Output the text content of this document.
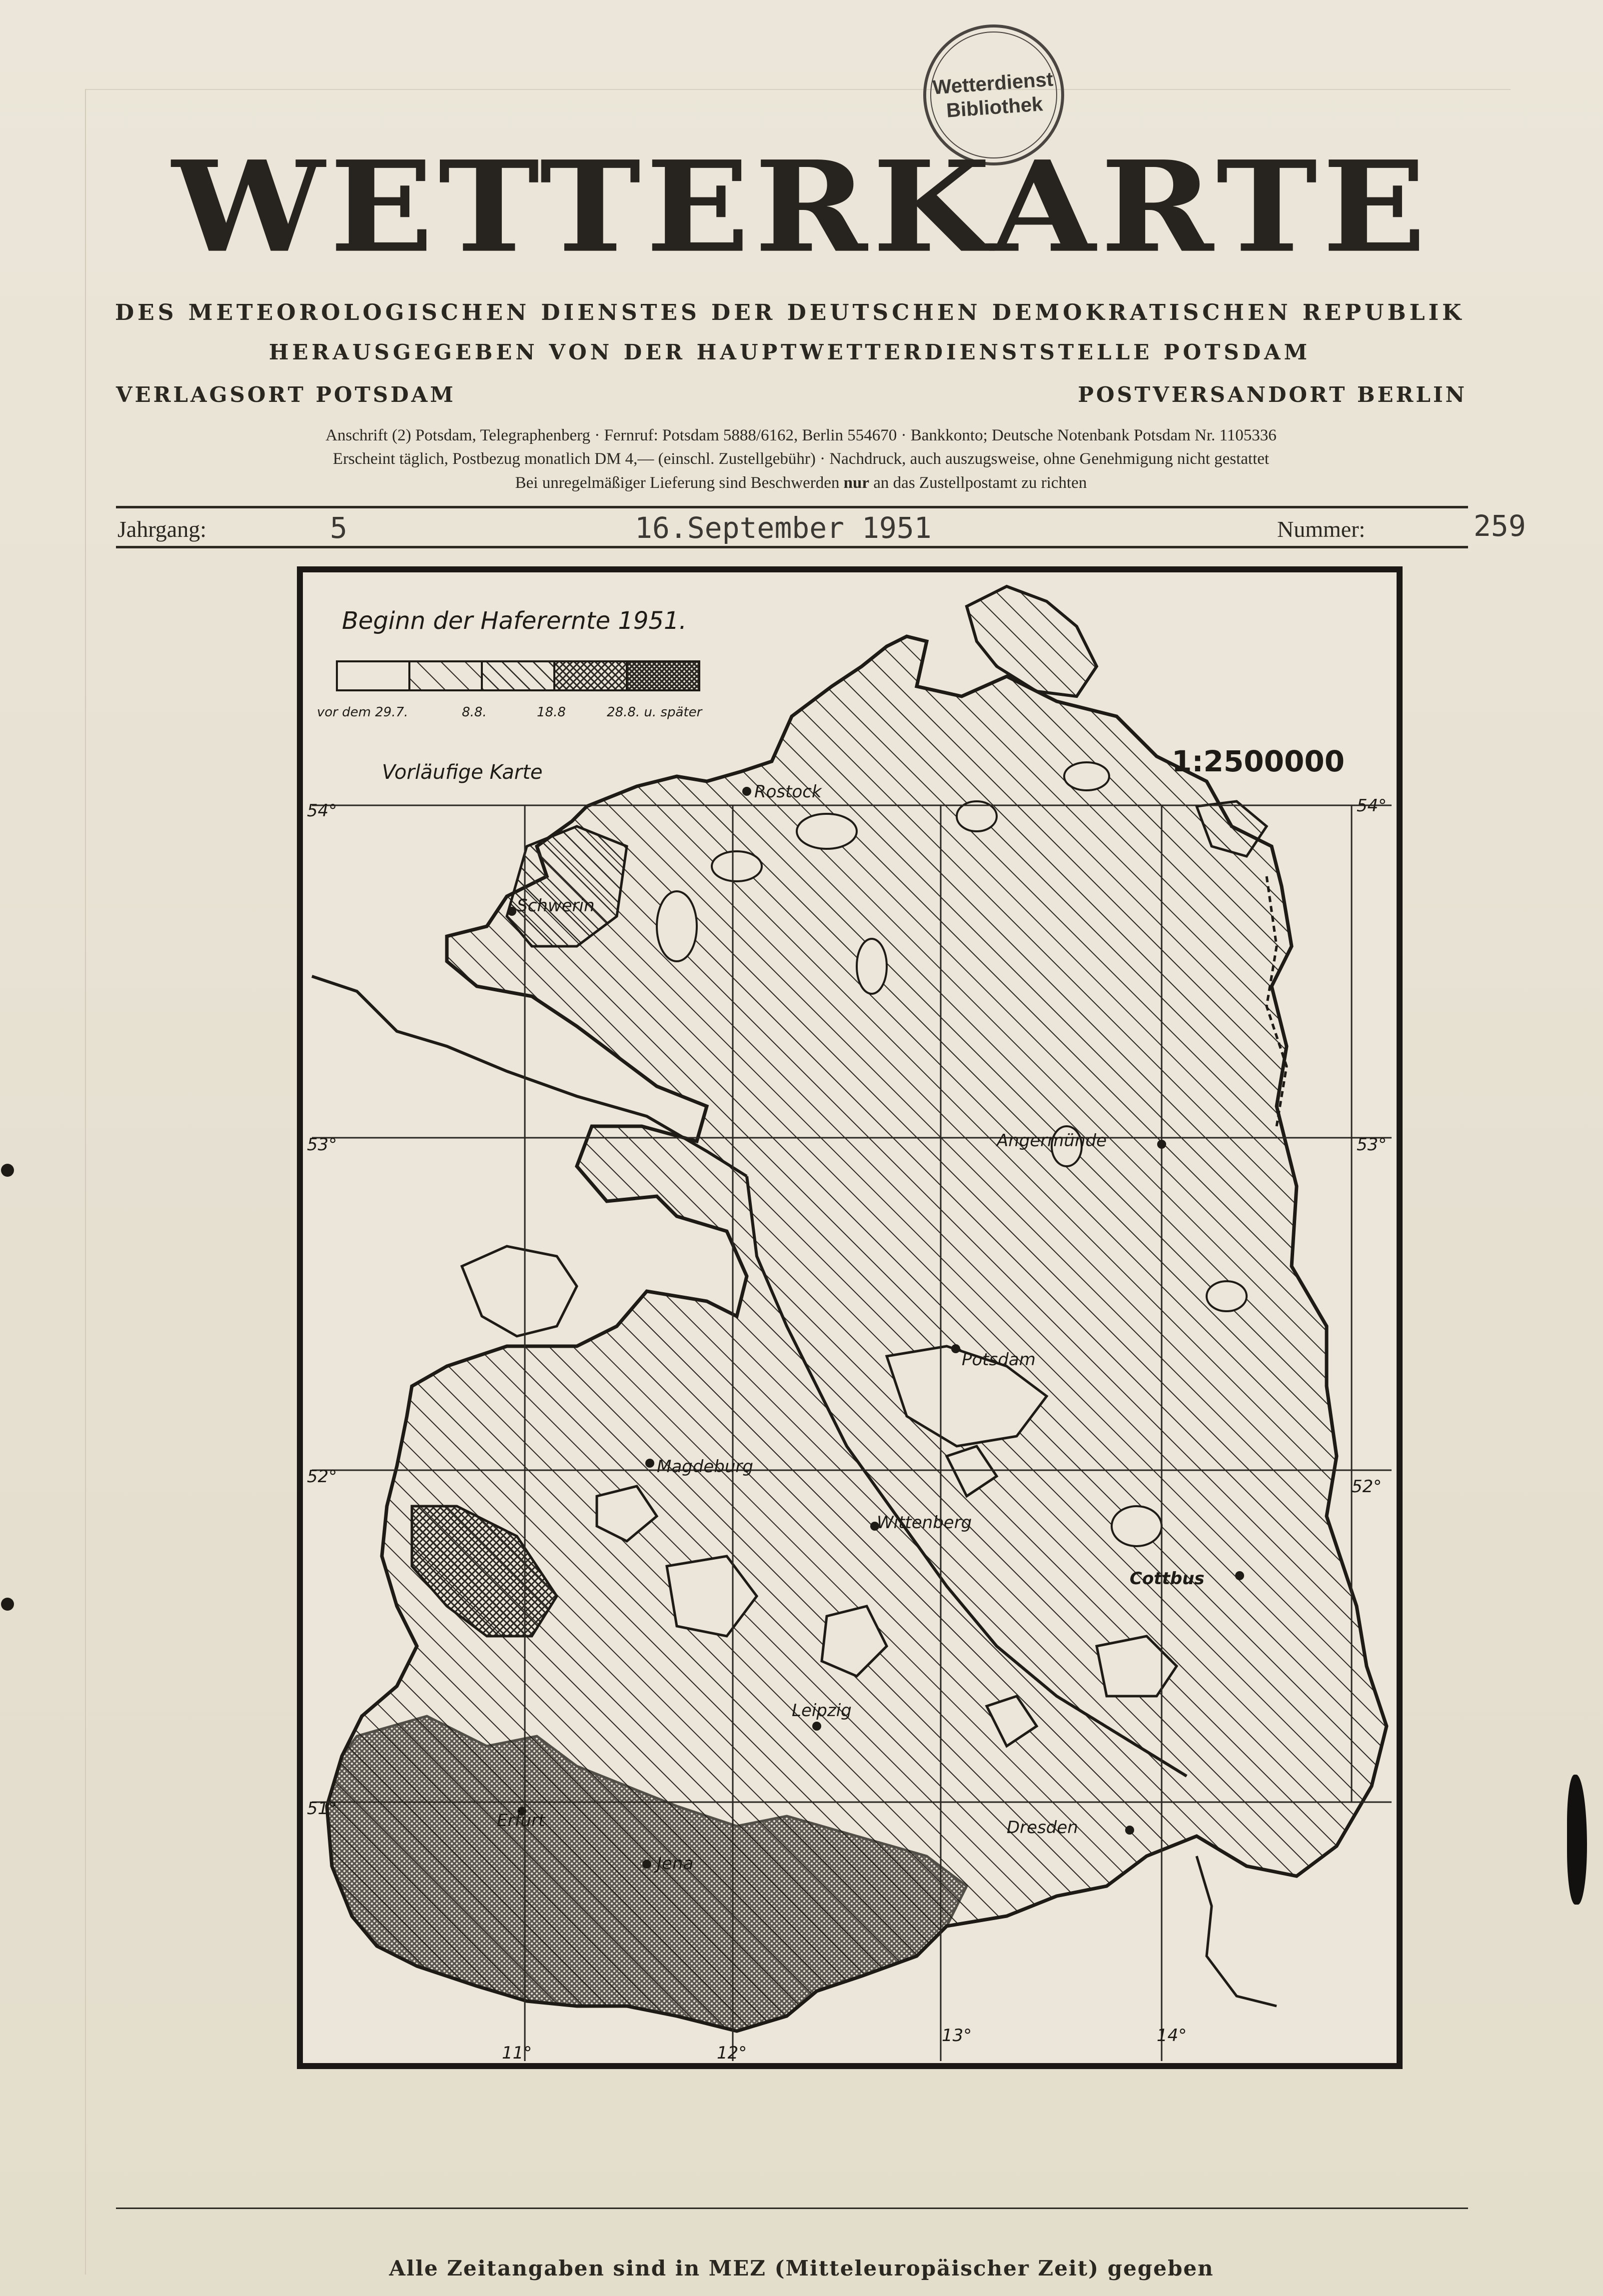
Wetterdienst
Bibliothek
WETTERKARTE
DES METEOROLOGISCHEN DIENSTES DER DEUTSCHEN DEMOKRATISCHEN REPUBLIK
HERAUSGEGEBEN VON DER HAUPTWETTERDIENSTSTELLE POTSDAM
VERLAGSORT POTSDAM	POSTVERSANDORT BERLIN
Anschrift (2) Potsdam, Telegraphenberg · Fernruf: Potsdam 5888/6162, Berlin 554670 · Bankkonto; Deutsche Notenbank Potsdam Nr. 1105336
Erscheint täglich, Postbezug monatlich DM 4,— (einschl. Zustellgebühr) · Nachdruck, auch auszugsweise, ohne Genehmigung nicht gestattet
Bei unregelmäßiger Lieferung sind Beschwerden nur an das Zustellpostamt zu richten
Jahrgang:	5	16.September 1951	Nummer:	259
Beginn der Haferernte 1951.
vor dem 29.7.	8.8.	18.8	28.8. u. später
Vorläufige Karte	1:2500000
54°	54°
53°	53°
52°	52°
51°
11°	12°
13°	14°
Rostock
Schwerin
Angermünde
Potsdam
Magdeburg
Wittenberg
Cottbus
Leipzig
Erfurt
Jena
Dresden
Alle Zeitangaben sind in MEZ (Mitteleuropäischer Zeit) gegeben
